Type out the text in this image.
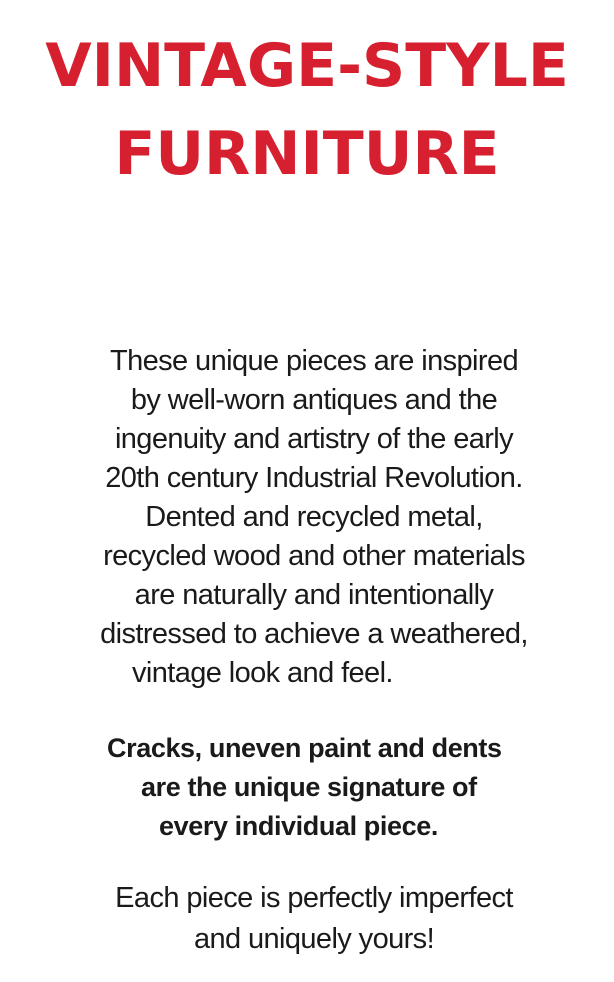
VINTAGE-STYLE
FURNITURE
These unique pieces are inspired
by well-worn antiques and the
ingenuity and artistry of the early
20th century Industrial Revolution.
Dented and recycled metal,
recycled wood and other materials
are naturally and intentionally
distressed to achieve a weathered,
vintage look and feel.
Cracks, uneven paint and dents
are the unique signature of
every individual piece.
Each piece is perfectly imperfect
and uniquely yours!
